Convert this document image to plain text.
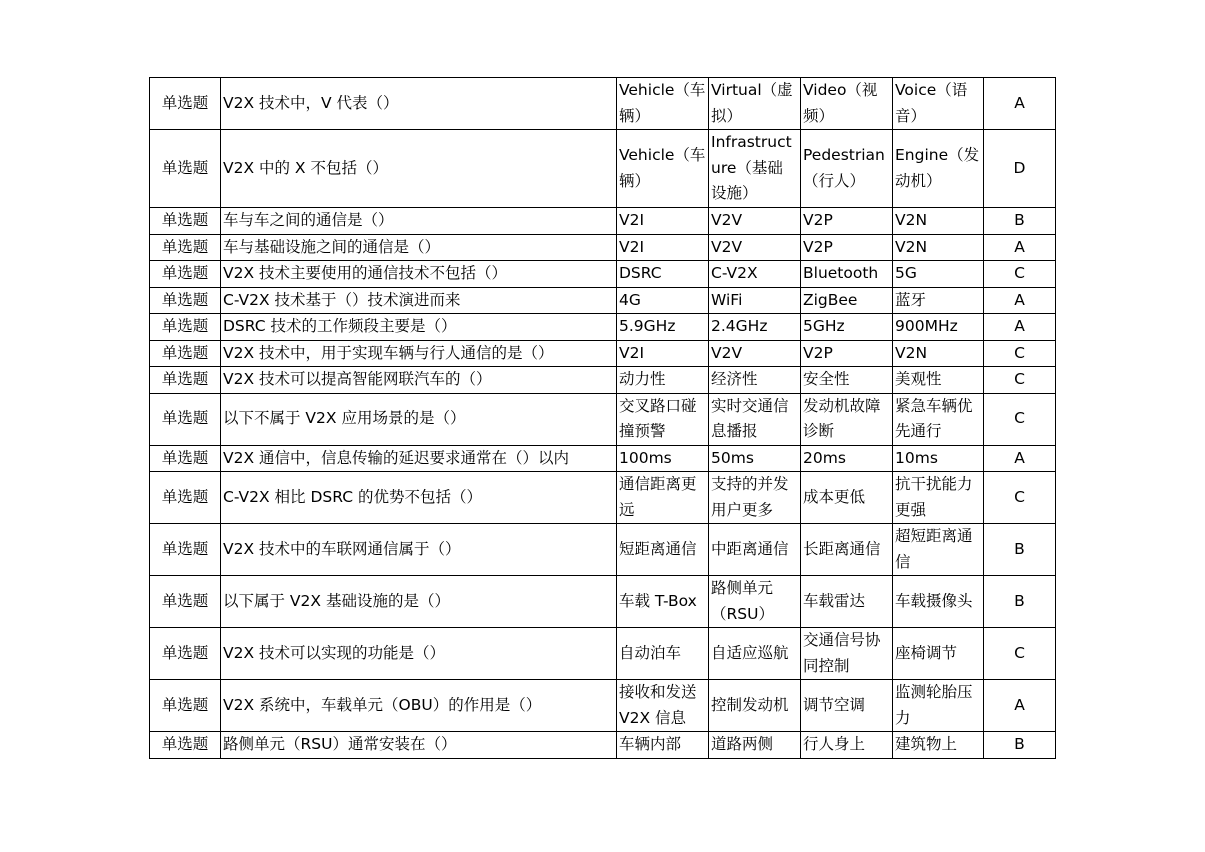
单选题	V2X 技术中，V 代表（）	Vehicle（车辆）	Virtual（虚拟）	Video（视频）	Voice（语音）	A
单选题	V2X 中的 X 不包括（）	Vehicle（车辆）	Infrastructure（基础设施）	Pedestrian（行人）	Engine（发动机）	D
单选题	车与车之间的通信是（）	V2I	V2V	V2P	V2N	B
单选题	车与基础设施之间的通信是（）	V2I	V2V	V2P	V2N	A
单选题	V2X 技术主要使用的通信技术不包括（）	DSRC	C-V2X	Bluetooth	5G	C
单选题	C-V2X 技术基于（）技术演进而来	4G	WiFi	ZigBee	蓝牙	A
单选题	DSRC 技术的工作频段主要是（）	5.9GHz	2.4GHz	5GHz	900MHz	A
单选题	V2X 技术中，用于实现车辆与行人通信的是（）	V2I	V2V	V2P	V2N	C
单选题	V2X 技术可以提高智能网联汽车的（）	动力性	经济性	安全性	美观性	C
单选题	以下不属于 V2X 应用场景的是（）	交叉路口碰撞预警	实时交通信息播报	发动机故障诊断	紧急车辆优先通行	C
单选题	V2X 通信中，信息传输的延迟要求通常在（）以内	100ms	50ms	20ms	10ms	A
单选题	C-V2X 相比 DSRC 的优势不包括（）	通信距离更远	支持的并发用户更多	成本更低	抗干扰能力更强	C
单选题	V2X 技术中的车联网通信属于（）	短距离通信	中距离通信	长距离通信	超短距离通信	B
单选题	以下属于 V2X 基础设施的是（）	车载 T-Box	路侧单元（RSU）	车载雷达	车载摄像头	B
单选题	V2X 技术可以实现的功能是（）	自动泊车	自适应巡航	交通信号协同控制	座椅调节	C
单选题	V2X 系统中，车载单元（OBU）的作用是（）	接收和发送 V2X 信息	控制发动机	调节空调	监测轮胎压力	A
单选题	路侧单元（RSU）通常安装在（）	车辆内部	道路两侧	行人身上	建筑物上	B
